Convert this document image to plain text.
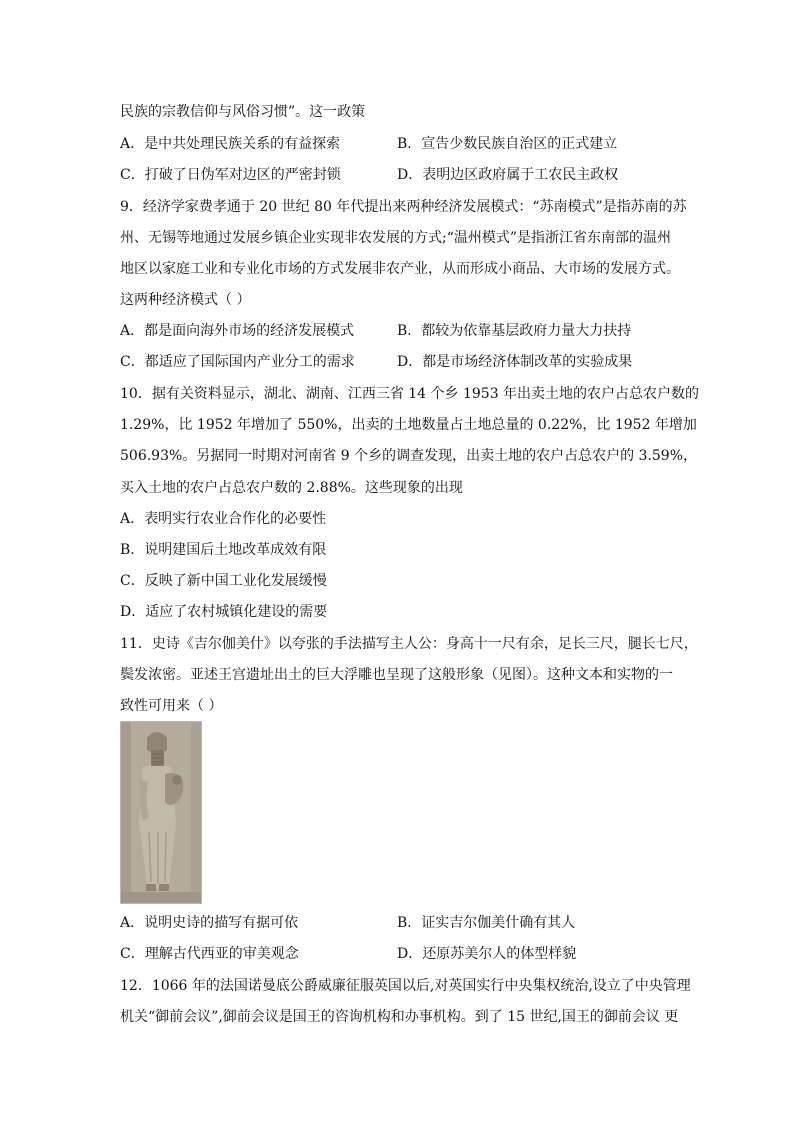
民族的宗教信仰与风俗习惯”。这一政策
A．是中共处理民族关系的有益探索	B．宣告少数民族自治区的正式建立
C．打破了日伪军对边区的严密封锁	D．表明边区政府属于工农民主政权
9．经济学家费孝通于 20 世纪 80 年代提出来两种经济发展模式：“苏南模式”是指苏南的苏
州、无锡等地通过发展乡镇企业实现非农发展的方式;“温州模式”是指浙江省东南部的温州
地区以家庭工业和专业化市场的方式发展非农产业，从而形成小商品、大市场的发展方式。
这两种经济模式（ ）
A．都是面向海外市场的经济发展模式	B．都较为依靠基层政府力量大力扶持
C．都适应了国际国内产业分工的需求	D．都是市场经济体制改革的实验成果
10．据有关资料显示，湖北、湖南、江西三省 14 个乡 1953 年出卖土地的农户占总农户数的
1.29%，比 1952 年增加了 550%，出卖的土地数量占土地总量的 0.22%，比 1952 年增加
506.93%。另据同一时期对河南省 9 个乡的调查发现，出卖土地的农户占总农户的 3.59%，
买入土地的农户占总农户数的 2.88%。这些现象的出现
A．表明实行农业合作化的必要性
B．说明建国后土地改革成效有限
C．反映了新中国工业化发展缓慢
D．适应了农村城镇化建设的需要
11．史诗《吉尔伽美什》以夸张的手法描写主人公：身高十一尺有余，足长三尺，腿长七尺，
鬓发浓密。亚述王宫遗址出土的巨大浮雕也呈现了这般形象（见图）。这种文本和实物的一
致性可用来（ ）
A．说明史诗的描写有据可依	B．证实吉尔伽美什确有其人
C．理解古代西亚的审美观念	D．还原苏美尔人的体型样貌
12．1066 年的法国诺曼底公爵威廉征服英国以后,对英国实行中央集权统治,设立了中央管理
机关“御前会议”,御前会议是国王的咨询机构和办事机构。到了 15 世纪,国王的御前会议 更
